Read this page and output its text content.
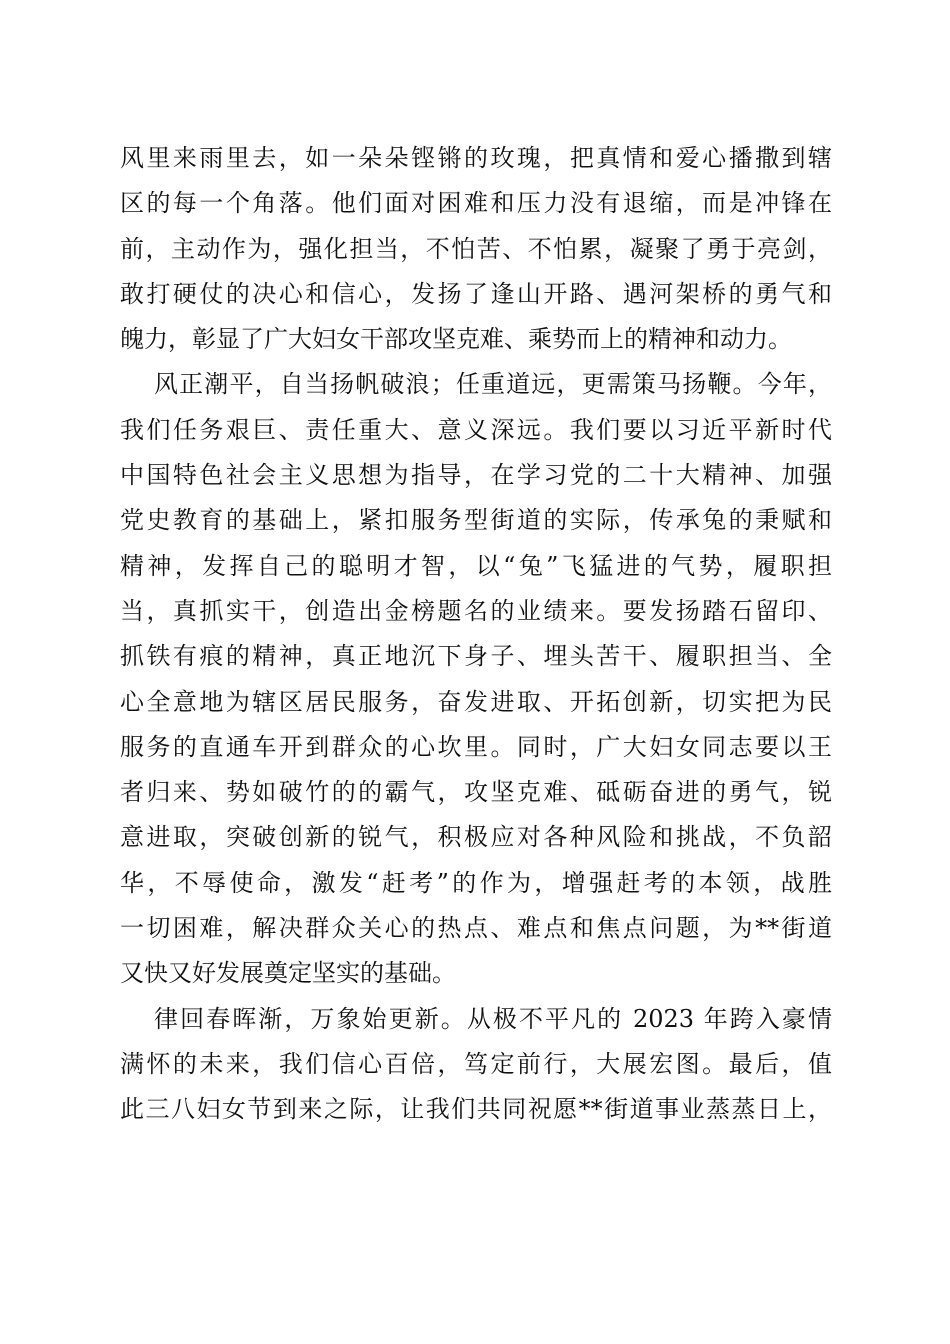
风里来雨里去，如一朵朵铿锵的玫瑰，把真情和爱心播撒到辖
区的每一个角落。他们面对困难和压力没有退缩，而是冲锋在
前，主动作为，强化担当，不怕苦、不怕累，凝聚了勇于亮剑，
敢打硬仗的决心和信心，发扬了逢山开路、遇河架桥的勇气和
魄力，彰显了广大妇女干部攻坚克难、乘势而上的精神和动力。
风正潮平，自当扬帆破浪；任重道远，更需策马扬鞭。今年，
我们任务艰巨、责任重大、意义深远。我们要以习近平新时代
中国特色社会主义思想为指导，在学习党的二十大精神、加强
党史教育的基础上，紧扣服务型街道的实际，传承兔的秉赋和
精神，发挥自己的聪明才智，以“兔”飞猛进的气势，履职担
当，真抓实干，创造出金榜题名的业绩来。要发扬踏石留印、
抓铁有痕的精神，真正地沉下身子、埋头苦干、履职担当、全
心全意地为辖区居民服务，奋发进取、开拓创新，切实把为民
服务的直通车开到群众的心坎里。同时，广大妇女同志要以王
者归来、势如破竹的的霸气，攻坚克难、砥砺奋进的勇气，锐
意进取，突破创新的锐气，积极应对各种风险和挑战，不负韶
华，不辱使命，激发“赶考”的作为，增强赶考的本领，战胜
一切困难，解决群众关心的热点、难点和焦点问题，为**街道
又快又好发展奠定坚实的基础。
律回春晖渐，万象始更新。从极不平凡的 2023 年跨入豪情
满怀的未来，我们信心百倍，笃定前行，大展宏图。最后，值
此三八妇女节到来之际，让我们共同祝愿**街道事业蒸蒸日上，
